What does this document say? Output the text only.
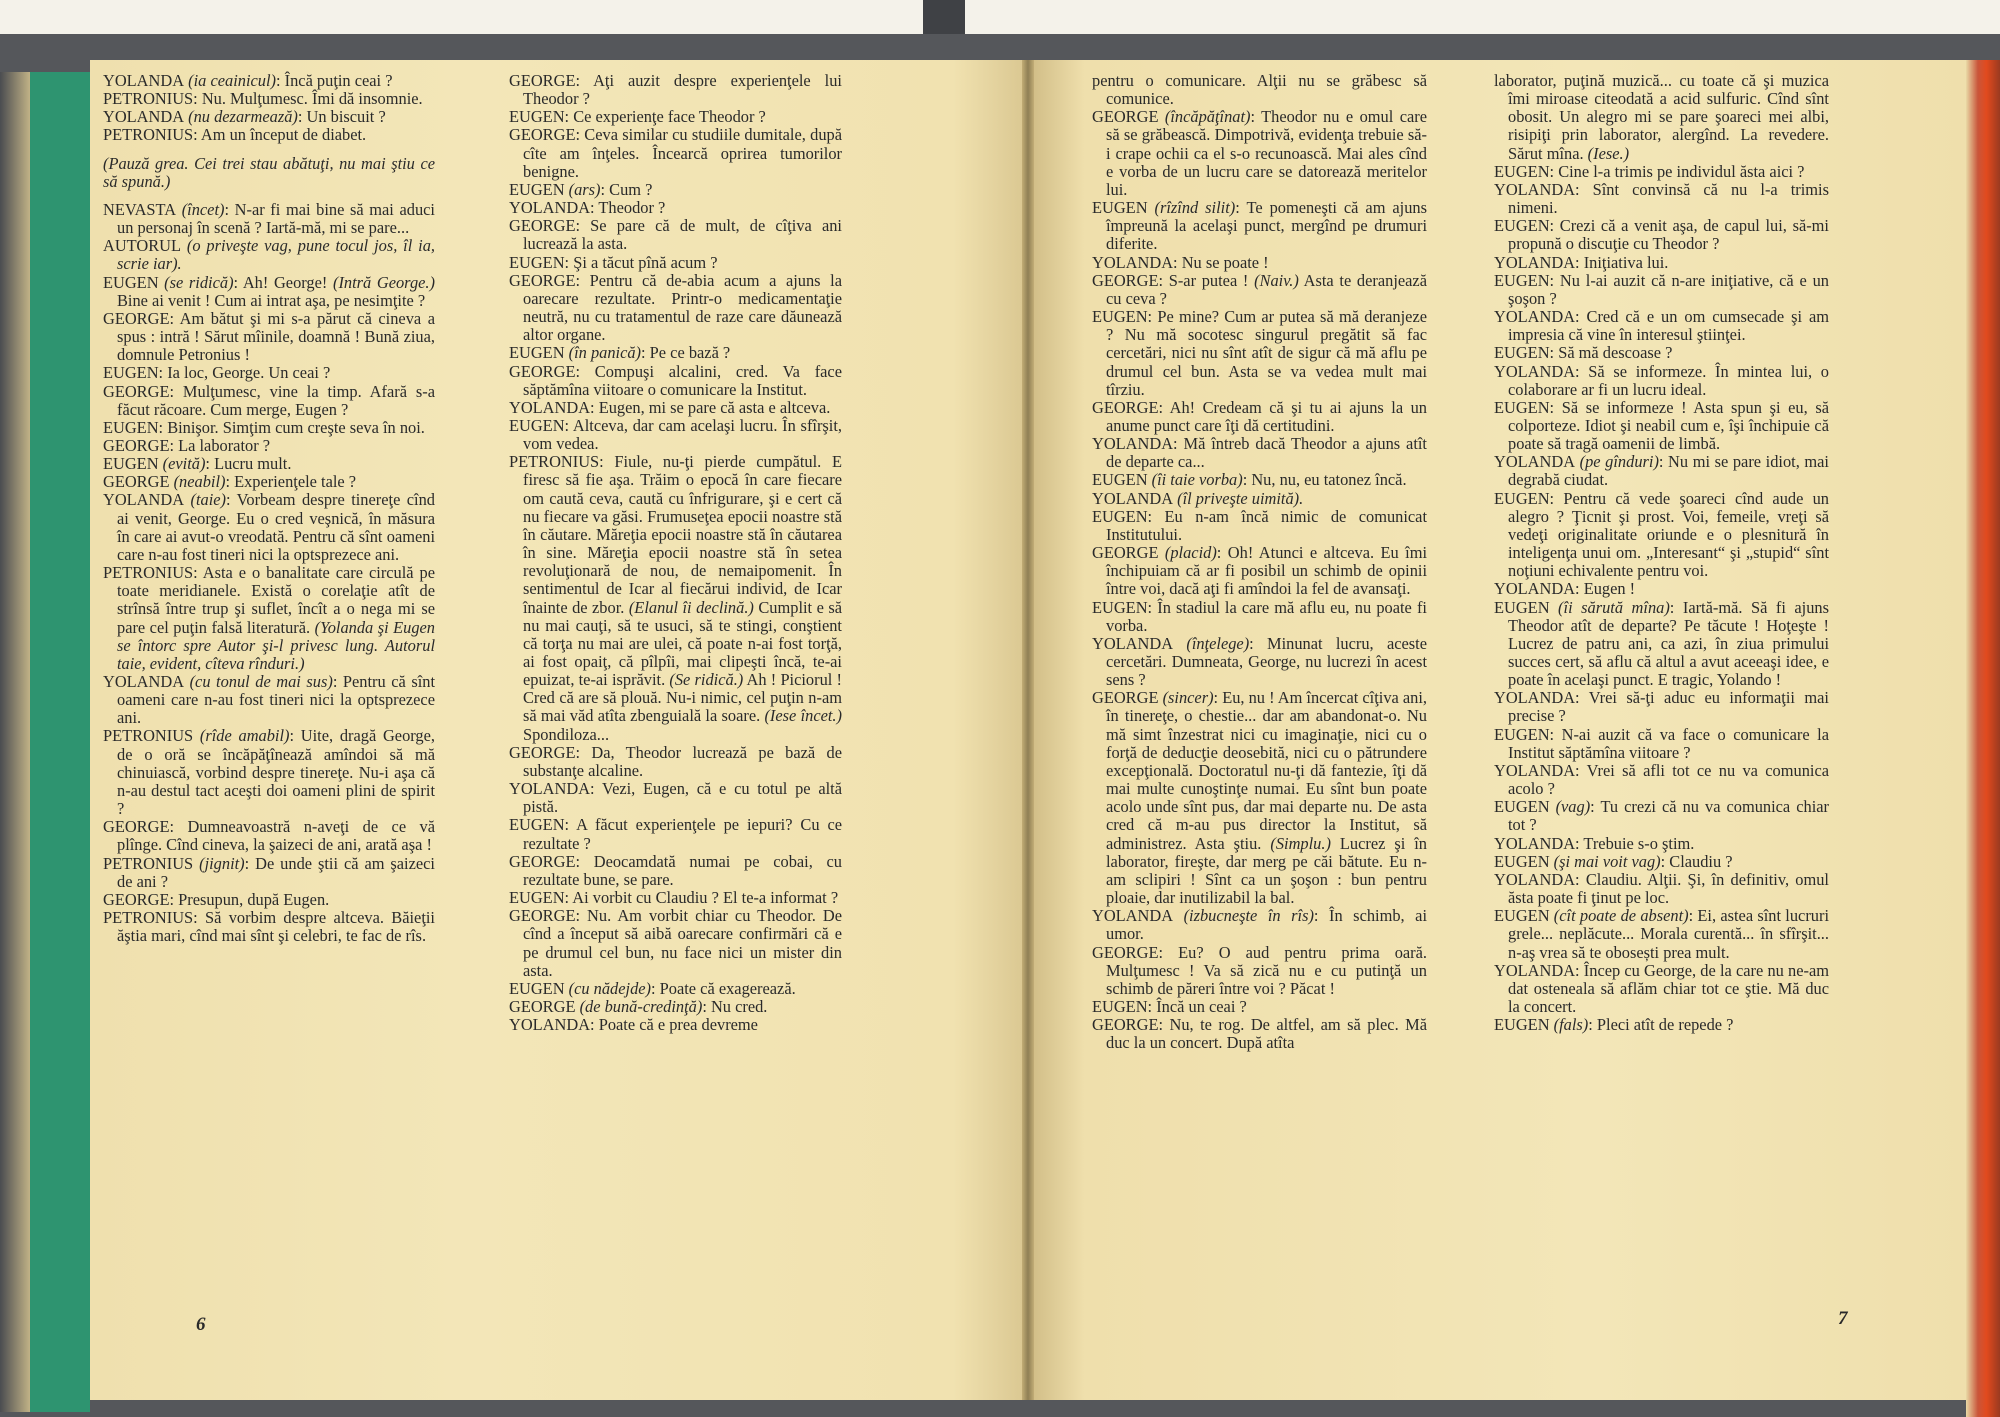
YOLANDA (ia ceainicul): Încă puţin ceai ?

PETRONIUS: Nu. Mulţumesc. Îmi dă insomnie.

YOLANDA (nu dezarmează): Un biscuit ?

PETRONIUS: Am un început de diabet.

(Pauză grea. Cei trei stau abătuţi, nu mai ştiu ce să spună.)

NEVASTA (încet): N-ar fi mai bine să mai aduci un personaj în scenă ? Iartă-mă, mi se pare...

AUTORUL (o priveşte vag, pune tocul jos, îl ia, scrie iar).

EUGEN (se ridică): Ah! George! (Intră George.) Bine ai venit ! Cum ai intrat aşa, pe nesimţite ?

GEORGE: Am bătut şi mi s-a părut că cineva a spus : intră ! Sărut mîinile, doamnă ! Bună ziua, domnule Petronius !

EUGEN: Ia loc, George. Un ceai ?

GEORGE: Mulţumesc, vine la timp. Afară s-a făcut răcoare. Cum merge, Eugen ?

EUGEN: Binişor. Simţim cum creşte seva în noi.

GEORGE: La laborator ?

EUGEN (evită): Lucru mult.

GEORGE (neabil): Experienţele tale ?

YOLANDA (taie): Vorbeam despre tinereţe cînd ai venit, George. Eu o cred veşnică, în măsura în care ai avut-o vreodată. Pentru că sînt oameni care n-au fost tineri nici la optsprezece ani.

PETRONIUS: Asta e o banalitate care circulă pe toate meridianele. Există o corelaţie atît de strînsă între trup şi suflet, încît a o nega mi se pare cel puţin falsă literatură. (Yolanda şi Eugen se întorc spre Autor şi-l privesc lung. Autorul taie, evident, cîteva rînduri.)

YOLANDA (cu tonul de mai sus): Pentru că sînt oameni care n-au fost tineri nici la optsprezece ani.

PETRONIUS (rîde amabil): Uite, dragă George, de o oră se încăpăţînează amîndoi să mă chinuiască, vorbind despre tinereţe. Nu-i aşa că n-au destul tact aceşti doi oameni plini de spirit ?

GEORGE: Dumneavoastră n-aveţi de ce vă plînge. Cînd cineva, la şaizeci de ani, arată aşa !

PETRONIUS (jignit): De unde ştii că am şaizeci de ani ?

GEORGE: Presupun, după Eugen.

PETRONIUS: Să vorbim despre altceva. Băieţii ăştia mari, cînd mai sînt şi celebri, te fac de rîs.

GEORGE: Aţi auzit despre experienţele lui Theodor ?

EUGEN: Ce experienţe face Theodor ?

GEORGE: Ceva similar cu studiile dumitale, după cîte am înţeles. Încearcă oprirea tumorilor benigne.

EUGEN (ars): Cum ?

YOLANDA: Theodor ?

GEORGE: Se pare că de mult, de cîţiva ani lucrează la asta.

EUGEN: Şi a tăcut pînă acum ?

GEORGE: Pentru că de-abia acum a ajuns la oarecare rezultate. Printr-o medicamentaţie neutră, nu cu tratamentul de raze care dăunează altor organe.

EUGEN (în panică): Pe ce bază ?

GEORGE: Compuşi alcalini, cred. Va face săptămîna viitoare o comunicare la Institut.

YOLANDA: Eugen, mi se pare că asta e altceva.

EUGEN: Altceva, dar cam acelaşi lucru. În sfîrşit, vom vedea.

PETRONIUS: Fiule, nu-ţi pierde cumpătul. E firesc să fie aşa. Trăim o epocă în care fiecare om caută ceva, caută cu înfrigurare, şi e cert că nu fiecare va găsi. Frumuseţea epocii noastre stă în căutare. Măreţia epocii noastre stă în căutarea în sine. Măreţia epocii noastre stă în setea revoluţionară de nou, de nemaipomenit. În sentimentul de Icar al fiecărui individ, de Icar înainte de zbor. (Elanul îi declină.) Cumplit e să nu mai cauţi, să te usuci, să te stingi, conştient că torţa nu mai are ulei, că poate n-ai fost torţă, ai fost opaiţ, că pîlpîi, mai clipeşti încă, te-ai epuizat, te-ai isprăvit. (Se ridică.) Ah ! Piciorul ! Cred că are să plouă. Nu-i nimic, cel puţin n-am să mai văd atîta zbenguială la soare. (Iese încet.) Spondiloza...

GEORGE: Da, Theodor lucrează pe bază de substanţe alcaline.

YOLANDA: Vezi, Eugen, că e cu totul pe altă pistă.

EUGEN: A făcut experienţele pe iepuri? Cu ce rezultate ?

GEORGE: Deocamdată numai pe cobai, cu rezultate bune, se pare.

EUGEN: Ai vorbit cu Claudiu ? El te-a informat ?

GEORGE: Nu. Am vorbit chiar cu Theodor. De cînd a început să aibă oarecare confirmări că e pe drumul cel bun, nu face nici un mister din asta.

EUGEN (cu nădejde): Poate că exagerează.

GEORGE (de bună-credinţă): Nu cred.

YOLANDA: Poate că e prea devreme

pentru o comunicare. Alţii nu se grăbesc să comunice.

GEORGE (încăpăţînat): Theodor nu e omul care să se grăbească. Dimpotrivă, evidenţa trebuie să-i crape ochii ca el s-o recunoască. Mai ales cînd e vorba de un lucru care se datorează meritelor lui.

EUGEN (rîzînd silit): Te pomeneşti că am ajuns împreună la acelaşi punct, mergînd pe drumuri diferite.

YOLANDA: Nu se poate !

GEORGE: S-ar putea ! (Naiv.) Asta te deranjează cu ceva ?

EUGEN: Pe mine? Cum ar putea să mă deranjeze ? Nu mă socotesc singurul pregătit să fac cercetări, nici nu sînt atît de sigur că mă aflu pe drumul cel bun. Asta se va vedea mult mai tîrziu.

GEORGE: Ah! Credeam că şi tu ai ajuns la un anume punct care îţi dă certitudini.

YOLANDA: Mă întreb dacă Theodor a ajuns atît de departe ca...

EUGEN (îi taie vorba): Nu, nu, eu tatonez încă.

YOLANDA (îl priveşte uimită).

EUGEN: Eu n-am încă nimic de comunicat Institutului.

GEORGE (placid): Oh! Atunci e altceva. Eu îmi închipuiam că ar fi posibil un schimb de opinii între voi, dacă aţi fi amîndoi la fel de avansaţi.

EUGEN: În stadiul la care mă aflu eu, nu poate fi vorba.

YOLANDA (înţelege): Minunat lucru, aceste cercetări. Dumneata, George, nu lucrezi în acest sens ?

GEORGE (sincer): Eu, nu ! Am încercat cîţiva ani, în tinereţe, o chestie... dar am abandonat-o. Nu mă simt înzestrat nici cu imaginaţie, nici cu o forţă de deducţie deosebită, nici cu o pătrundere excepţională. Doctoratul nu-ţi dă fantezie, îţi dă mai multe cunoştinţe numai. Eu sînt bun poate acolo unde sînt pus, dar mai departe nu. De asta cred că m-au pus director la Institut, să administrez. Asta ştiu. (Simplu.) Lucrez şi în laborator, fireşte, dar merg pe căi bătute. Eu n-am sclipiri ! Sînt ca un şoşon : bun pentru ploaie, dar inutilizabil la bal.

YOLANDA (izbucneşte în rîs): În schimb, ai umor.

GEORGE: Eu? O aud pentru prima oară. Mulţumesc ! Va să zică nu e cu putinţă un schimb de păreri între voi ? Păcat !

EUGEN: Încă un ceai ?

GEORGE: Nu, te rog. De altfel, am să plec. Mă duc la un concert. După atîta

laborator, puţină muzică... cu toate că şi muzica îmi miroase citeodată a acid sulfuric. Cînd sînt obosit. Un alegro mi se pare şoareci mei albi, risipiţi prin laborator, alergînd. La revedere. Sărut mîna. (Iese.)

EUGEN: Cine l-a trimis pe individul ăsta aici ?

YOLANDA: Sînt convinsă că nu l-a trimis nimeni.

EUGEN: Crezi că a venit aşa, de capul lui, să-mi propună o discuţie cu Theodor ?

YOLANDA: Iniţiativa lui.

EUGEN: Nu l-ai auzit că n-are iniţiative, că e un şoşon ?

YOLANDA: Cred că e un om cumsecade şi am impresia că vine în interesul ştiinţei.

EUGEN: Să mă descoase ?

YOLANDA: Să se informeze. În mintea lui, o colaborare ar fi un lucru ideal.

EUGEN: Să se informeze ! Asta spun şi eu, să colporteze. Idiot şi neabil cum e, îşi închipuie că poate să tragă oamenii de limbă.

YOLANDA (pe gînduri): Nu mi se pare idiot, mai degrabă ciudat.

EUGEN: Pentru că vede şoareci cînd aude un alegro ? Ţicnit şi prost. Voi, femeile, vreţi să vedeţi originalitate oriunde e o plesnitură în inteligenţa unui om. „Interesant“ şi „stupid“ sînt noţiuni echivalente pentru voi.

YOLANDA: Eugen !

EUGEN (îi sărută mîna): Iartă-mă. Să fi ajuns Theodor atît de departe? Pe tăcute ! Hoţeşte ! Lucrez de patru ani, ca azi, în ziua primului succes cert, să aflu că altul a avut aceeaşi idee, e poate în acelaşi punct. E tragic, Yolando !

YOLANDA: Vrei să-ţi aduc eu informaţii mai precise ?

EUGEN: N-ai auzit că va face o comunicare la Institut săptămîna viitoare ?

YOLANDA: Vrei să afli tot ce nu va comunica acolo ?

EUGEN (vag): Tu crezi că nu va comunica chiar tot ?

YOLANDA: Trebuie s-o ştim.

EUGEN (şi mai voit vag): Claudiu ?

YOLANDA: Claudiu. Alţii. Şi, în definitiv, omul ăsta poate fi ţinut pe loc.

EUGEN (cît poate de absent): Ei, astea sînt lucruri grele... neplăcute... Morala curentă... în sfîrşit... n-aş vrea să te obosești prea mult.

YOLANDA: Încep cu George, de la care nu ne-am dat osteneala să aflăm chiar tot ce ştie. Mă duc la concert.

EUGEN (fals): Pleci atît de repede ?

6	7
